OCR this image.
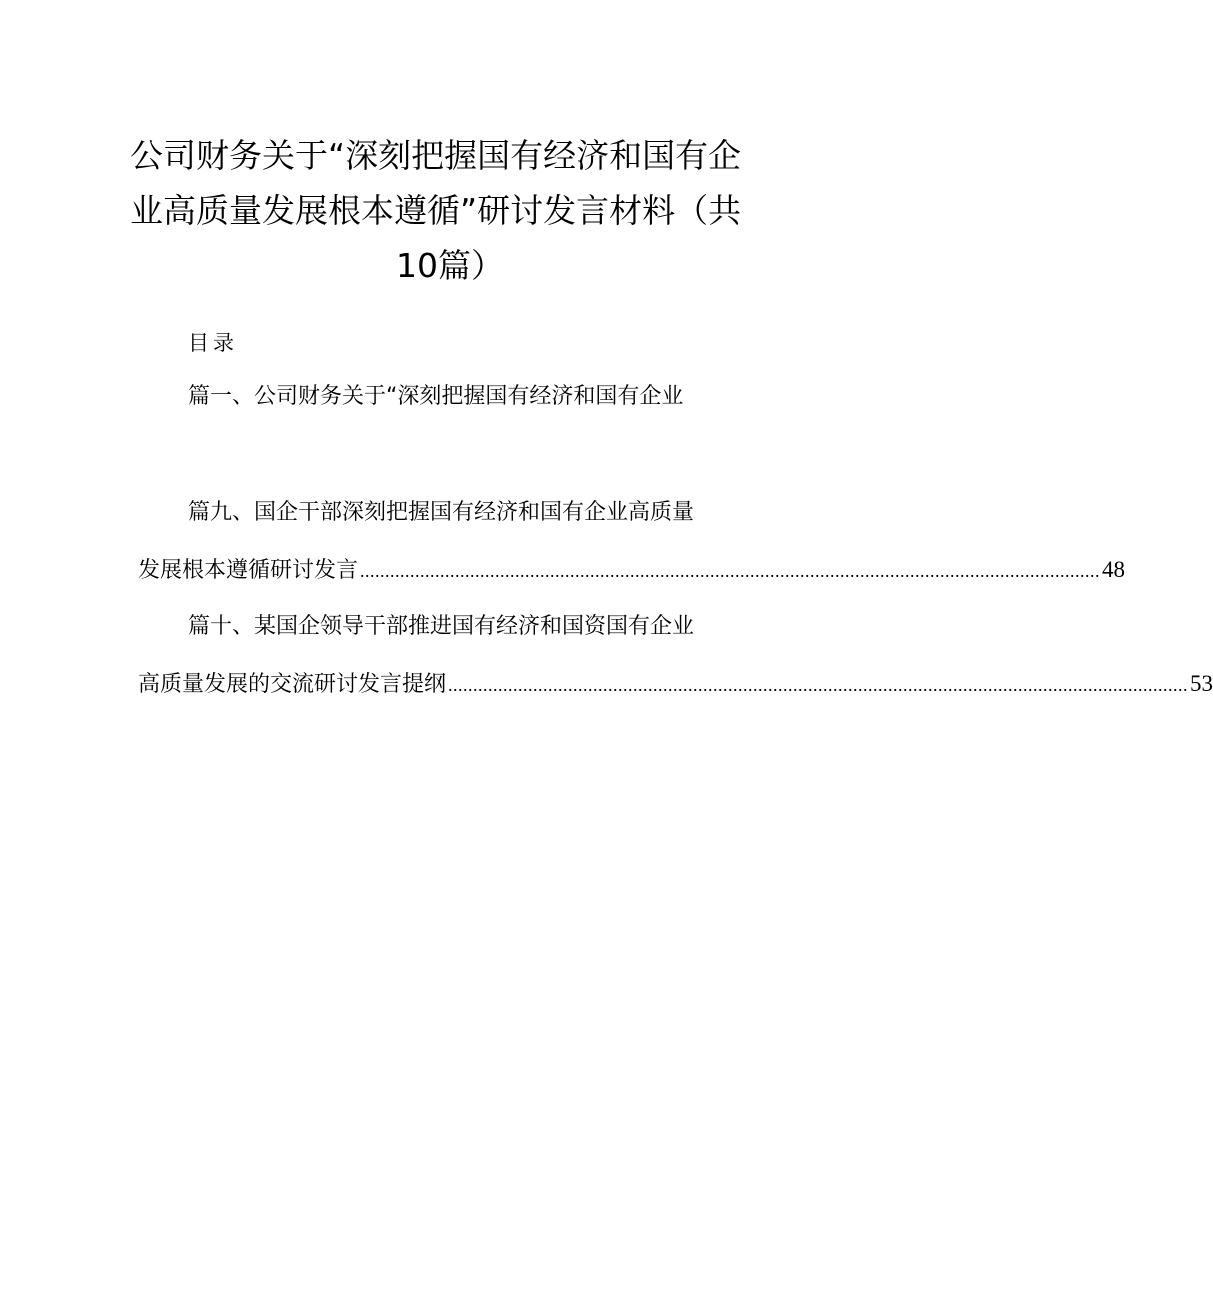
公司财务关于“深刻把握国有经济和国有企
业高质量发展根本遵循”研讨发言材料（共
10篇）
目录
篇一、公司财务关于“深刻把握国有经济和国有企业
篇九、国企干部深刻把握国有经济和国有企业高质量
发展根本遵循研讨发言 .................................................................................................................................................... 48
篇十、某国企领导干部推进国有经济和国资国有企业
高质量发展的交流研讨发言提纲 .................................................................................................................................................... 53
